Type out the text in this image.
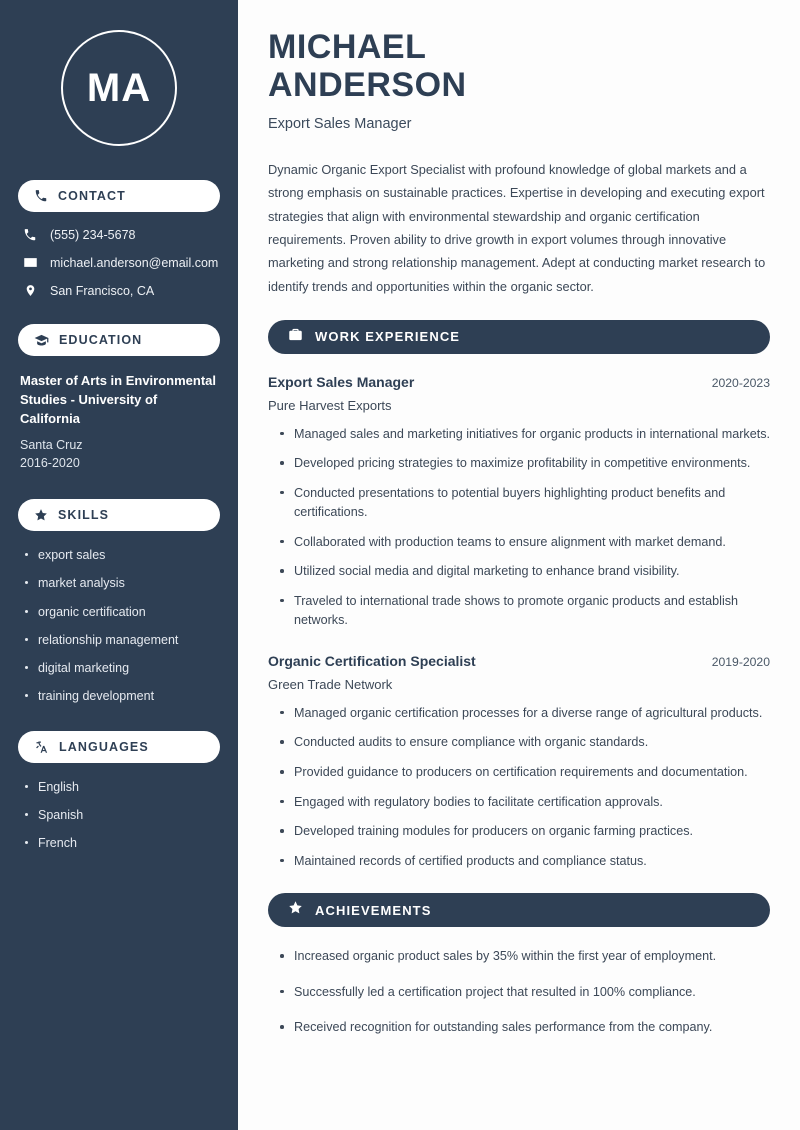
MA
CONTACT
(555) 234-5678
michael.anderson@email.com
San Francisco, CA
EDUCATION
Master of Arts in Environmental Studies - University of California
Santa Cruz
2016-2020
SKILLS
export sales
market analysis
organic certification
relationship management
digital marketing
training development
LANGUAGES
English
Spanish
French
MICHAEL
ANDERSON
Export Sales Manager

Dynamic Organic Export Specialist with profound knowledge of global markets and a strong emphasis on sustainable practices. Expertise in developing and executing export strategies that align with environmental stewardship and organic certification requirements. Proven ability to drive growth in export volumes through innovative marketing and strong relationship management. Adept at conducting market research to identify trends and opportunities within the organic sector.

WORK EXPERIENCE
Export Sales Manager	2020-2023
Pure Harvest Exports
Managed sales and marketing initiatives for organic products in international markets.
Developed pricing strategies to maximize profitability in competitive environments.
Conducted presentations to potential buyers highlighting product benefits and certifications.
Collaborated with production teams to ensure alignment with market demand.
Utilized social media and digital marketing to enhance brand visibility.
Traveled to international trade shows to promote organic products and establish networks.
Organic Certification Specialist	2019-2020
Green Trade Network
Managed organic certification processes for a diverse range of agricultural products.
Conducted audits to ensure compliance with organic standards.
Provided guidance to producers on certification requirements and documentation.
Engaged with regulatory bodies to facilitate certification approvals.
Developed training modules for producers on organic farming practices.
Maintained records of certified products and compliance status.
ACHIEVEMENTS
Increased organic product sales by 35% within the first year of employment.
Successfully led a certification project that resulted in 100% compliance.
Received recognition for outstanding sales performance from the company.
